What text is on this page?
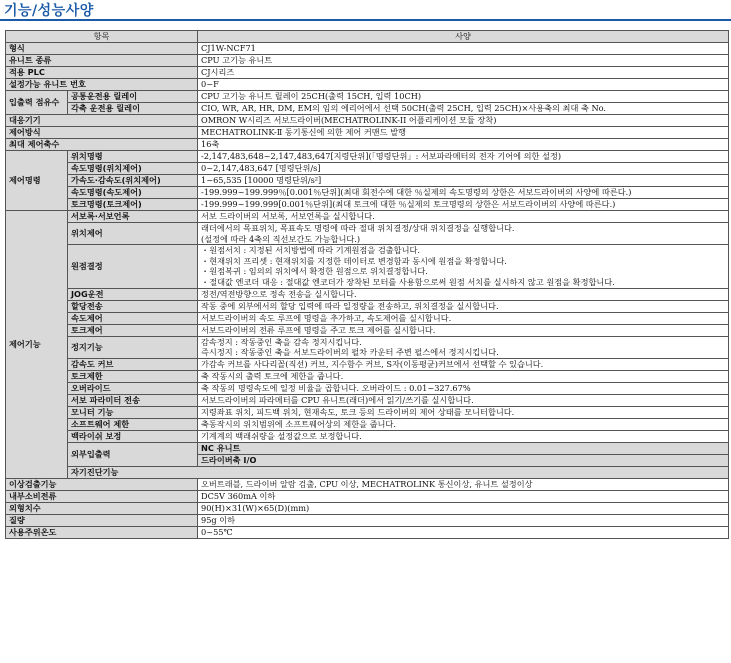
기능/성능사양
항목		사양	
형식		CJ1W-NCF71	
유니트 종류		CPU 고기능 유니트	
적용 PLC		CJ시리즈	
설정가능 유니트 번호		0~F	
입출력 점유수	공통운전용 릴레이	CPU 고기능 유니트 릴레이 25CH(출력 15CH, 입력 10CH)	
	각축 운전용 릴레이	CIO, WR, AR, HR, DM, EM의 임의 에리어에서 선택 50CH(출력 25CH, 입력 25CH)×사용축의 최대 축 No.	
대응기기		OMRON W시리즈 서보드라이버(MECHATROLINK-II 어플리케이션 모듈 장착)	
제어방식		MECHATROLINK-Ⅱ 동기통신에 의한 제어 커맨드 발행	
최대 제어축수		16축	
제어명령	위치명령	-2,147,483,648~2,147,483,647[지령단위](「명령단위」: 서보파라메터의 전자 기어에 의한 설정)	
	속도명령(위치제어)	0~2,147,483,647 [명령단위/s]	
	가속도·감속도(위치제어)	1~65,535 [10000 명령단위/s²]	
	속도명령(속도제어)	-199.999~199.999％[0.001％단위](최대 회전수에 대한 ％실제의 속도명령의 상한은 서보드라이버의 사양에 따른다.)	
	토크명령(토크제어)	-199.999~199.999[0.001％단위](최대 토크에 대한 ％실제의 토크명령의 상한은 서보드라이버의 사양에 따른다.)	
제어기능	서보록·서보언록	서보 드라이버의 서보록, 서보언록을 실시합니다.	
	위치제어	래더에서의 목표위치, 목표속도 명령에 따라 절대 위치결정/상대 위치결정을 실행합니다.
(설정에 따라 4축의 직선보간도 가능합니다.)	

	원점결정	・원점서치 : 지정된 서치방법에 따라 기계원점을 검출합니다.
・현재위치 프리셋 : 현재위치를 지정한 데이터로 변경함과 동시에 원점을 확정합니다.
・원점복귀 : 임의의 위치에서 확정한 원점으로 위치결정합니다.
・절대값 엔코더 대응 : 절대값 엔코더가 장착된 모터를 사용함으로써 원점 서치를 실시하지 않고 원점을 확정합니다.	

	JOG운전	정전/역전방향으로 정속 전송을 실시합니다.	
	할당전송	작동 중에 외부에서의 할당 입력에 따라 일정량을 전송하고, 위치결정을 실시합니다.	
	속도제어	서보드라이버의 속도 루프에 명령을 추가하고, 속도제어를 실시합니다.	
	토크제어	서보드라이버의 전류 루프에 명령을 주고 토크 제어를 실시합니다.	
	정지기능	감속정지 : 작동중인 축을 감속 정지시킵니다.
즉시정지 : 작동중인 축을 서보드라이버의 펄차 카운터 주변 펄스에서 정지시킵니다.	

	감속도 커브	가감속 커브를 사다리꼴(직선) 커브, 지수함수 커브, S자(이동평균)커브에서 선택할 수 있습니다.	
	토크제한	축 작동시의 출력 토크에 제한을 줍니다.	
	오버라이드	축 작동의 명령속도에 일정 비율을 곱합니다. 오버라이드 : 0.01~327.67%	
	서보 파라미터 전송	서보드라이버의 파라메터를 CPU 유니트(래더)에서 읽기/쓰기를 실시합니다.	
	모니터 기능	지령좌표 위치, 피드백 위치, 현재속도, 토크 등의 드라이버의 제어 상태를 모니터합니다.	
	소프트웨어 제한	축동작시의 위치범위에 소프트웨어상의 제한을 줍니다.	
	백라이쉬 보정	기계계의 백래쉬량을 설정값으로 보정합니다.	
	외부입출력	NC 유니트	
		드라이버축 I/O	
	자기진단기능	
이상검출기능		오버트래블, 드라이버 알람 검출, CPU 이상, MECHATROLINK 통신이상, 유니트 설정이상	
내부소비전류		DC5V 360mA 이하	
외형치수		90(H)×31(W)×65(D)(mm)	
질량		95g 이하	
사용주위온도		0~55℃	
